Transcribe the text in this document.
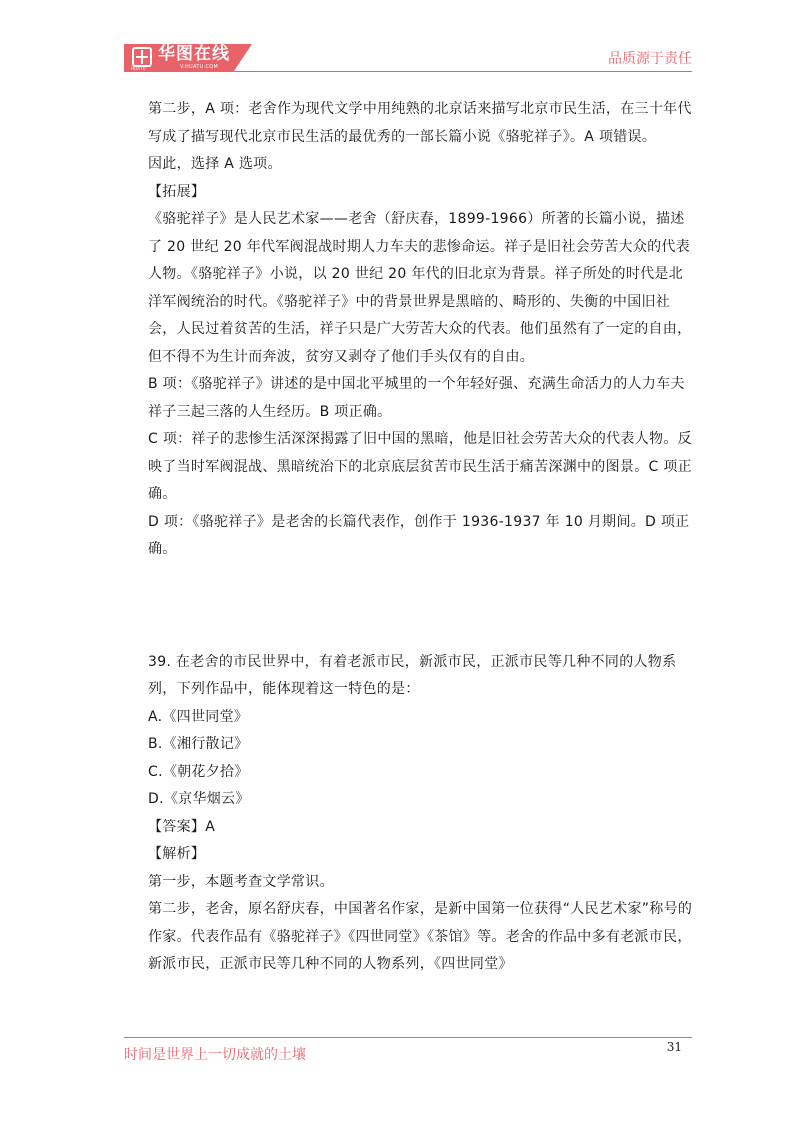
HUATU
华图在线
V.HUATU.COM	品质源于责任

第二步，A 项：老舍作为现代文学中用纯熟的北京话来描写北京市民生活，在三十年代写成了描写现代北京市民生活的最优秀的一部长篇小说《骆驼祥子》。A 项错误。

因此，选择 A 选项。

【拓展】

《骆驼祥子》是人民艺术家——老舍（舒庆春，1899-1966）所著的长篇小说，描述了 20 世纪 20 年代军阀混战时期人力车夫的悲惨命运。祥子是旧社会劳苦大众的代表人物。《骆驼祥子》小说，以 20 世纪 20 年代的旧北京为背景。祥子所处的时代是北洋军阀统治的时代。《骆驼祥子》中的背景世界是黑暗的、畸形的、失衡的中国旧社会，人民过着贫苦的生活，祥子只是广大劳苦大众的代表。他们虽然有了一定的自由，但不得不为生计而奔波，贫穷又剥夺了他们手头仅有的自由。

B 项：《骆驼祥子》讲述的是中国北平城里的一个年轻好强、充满生命活力的人力车夫祥子三起三落的人生经历。B 项正确。

C 项：祥子的悲惨生活深深揭露了旧中国的黑暗，他是旧社会劳苦大众的代表人物。反映了当时军阀混战、黑暗统治下的北京底层贫苦市民生活于痛苦深渊中的图景。C 项正确。

D 项：《骆驼祥子》是老舍的长篇代表作，创作于 1936-1937 年 10 月期间。D 项正确。

39. 在老舍的市民世界中，有着老派市民，新派市民，正派市民等几种不同的人物系列，下列作品中，能体现着这一特色的是：

A.《四世同堂》

B.《湘行散记》

C.《朝花夕拾》

D.《京华烟云》

【答案】A

【解析】

第一步，本题考查文学常识。

第二步，老舍，原名舒庆春，中国著名作家，是新中国第一位获得“人民艺术家”称号的作家。代表作品有《骆驼祥子》《四世同堂》《茶馆》等。老舍的作品中多有老派市民，新派市民，正派市民等几种不同的人物系列，《四世同堂》

时间是世界上一切成就的土壤	31
